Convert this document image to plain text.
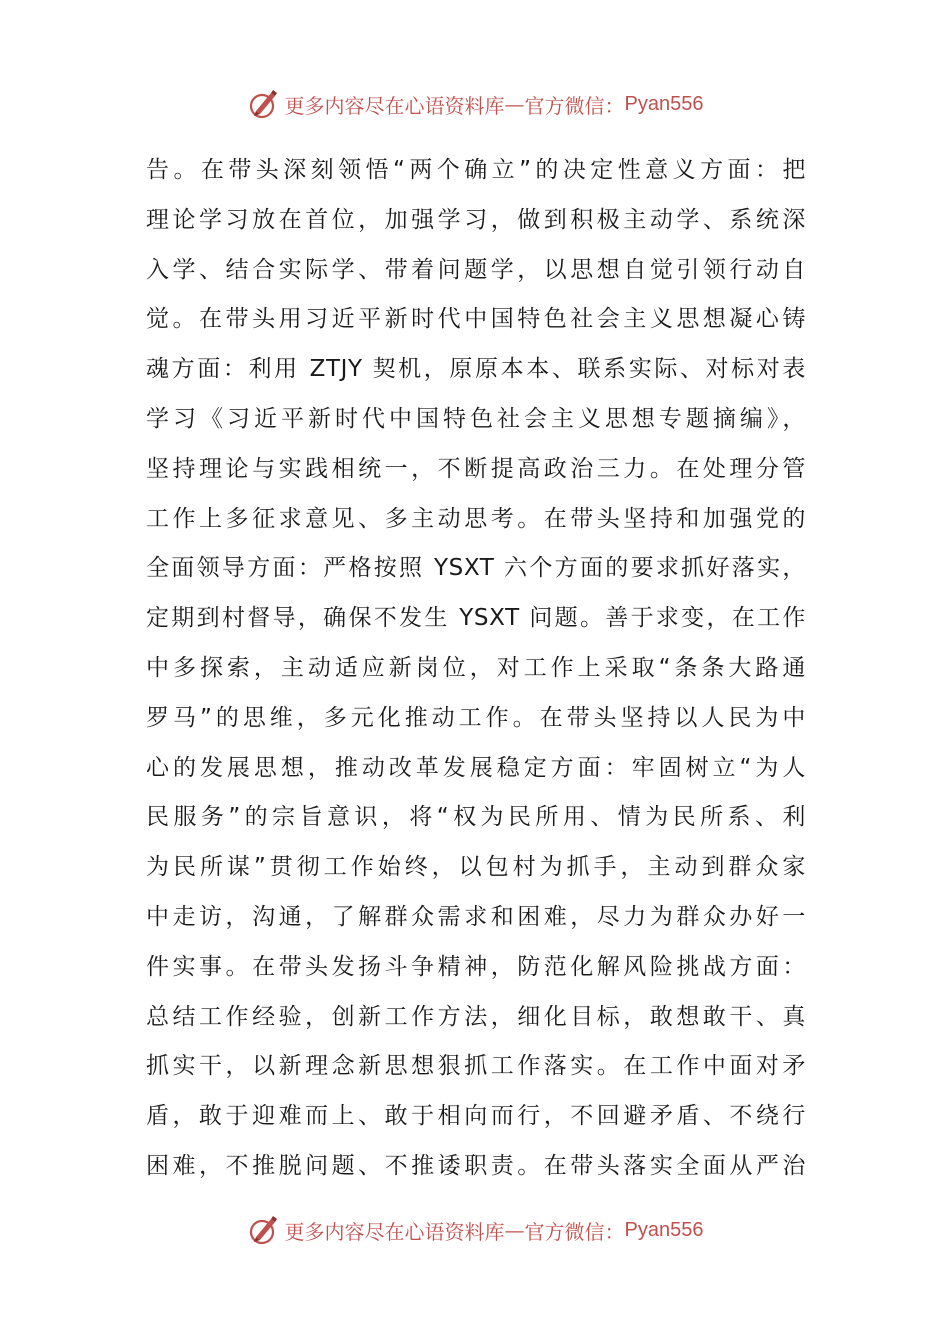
更多内容尽在心语资料库 — 官方微信： Pyan556
告。在带头深刻领悟“两个确立”的决定性意义方面：把
理论学习放在首位，加强学习，做到积极主动学、系统深
入学、结合实际学、带着问题学，以思想自觉引领行动自
觉。在带头用习近平新时代中国特色社会主义思想凝心铸
魂方面：利用 ZTJY 契机，原原本本、联系实际、对标对表
学习《习近平新时代中国特色社会主义思想专题摘编》，
坚持理论与实践相统一，不断提高政治三力。在处理分管
工作上多征求意见、多主动思考。在带头坚持和加强党的
全面领导方面：严格按照 YSXT 六个方面的要求抓好落实，
定期到村督导，确保不发生 YSXT 问题。善于求变，在工作
中多探索，主动适应新岗位，对工作上采取“条条大路通
罗马”的思维，多元化推动工作。在带头坚持以人民为中
心的发展思想，推动改革发展稳定方面：牢固树立“为人
民服务”的宗旨意识，将“权为民所用、情为民所系、利
为民所谋”贯彻工作始终，以包村为抓手，主动到群众家
中走访，沟通，了解群众需求和困难，尽力为群众办好一
件实事。在带头发扬斗争精神，防范化解风险挑战方面：
总结工作经验，创新工作方法，细化目标，敢想敢干、真
抓实干，以新理念新思想狠抓工作落实。在工作中面对矛
盾，敢于迎难而上、敢于相向而行，不回避矛盾、不绕行
困难，不推脱问题、不推诿职责。在带头落实全面从严治
更多内容尽在心语资料库 — 官方微信： Pyan556
